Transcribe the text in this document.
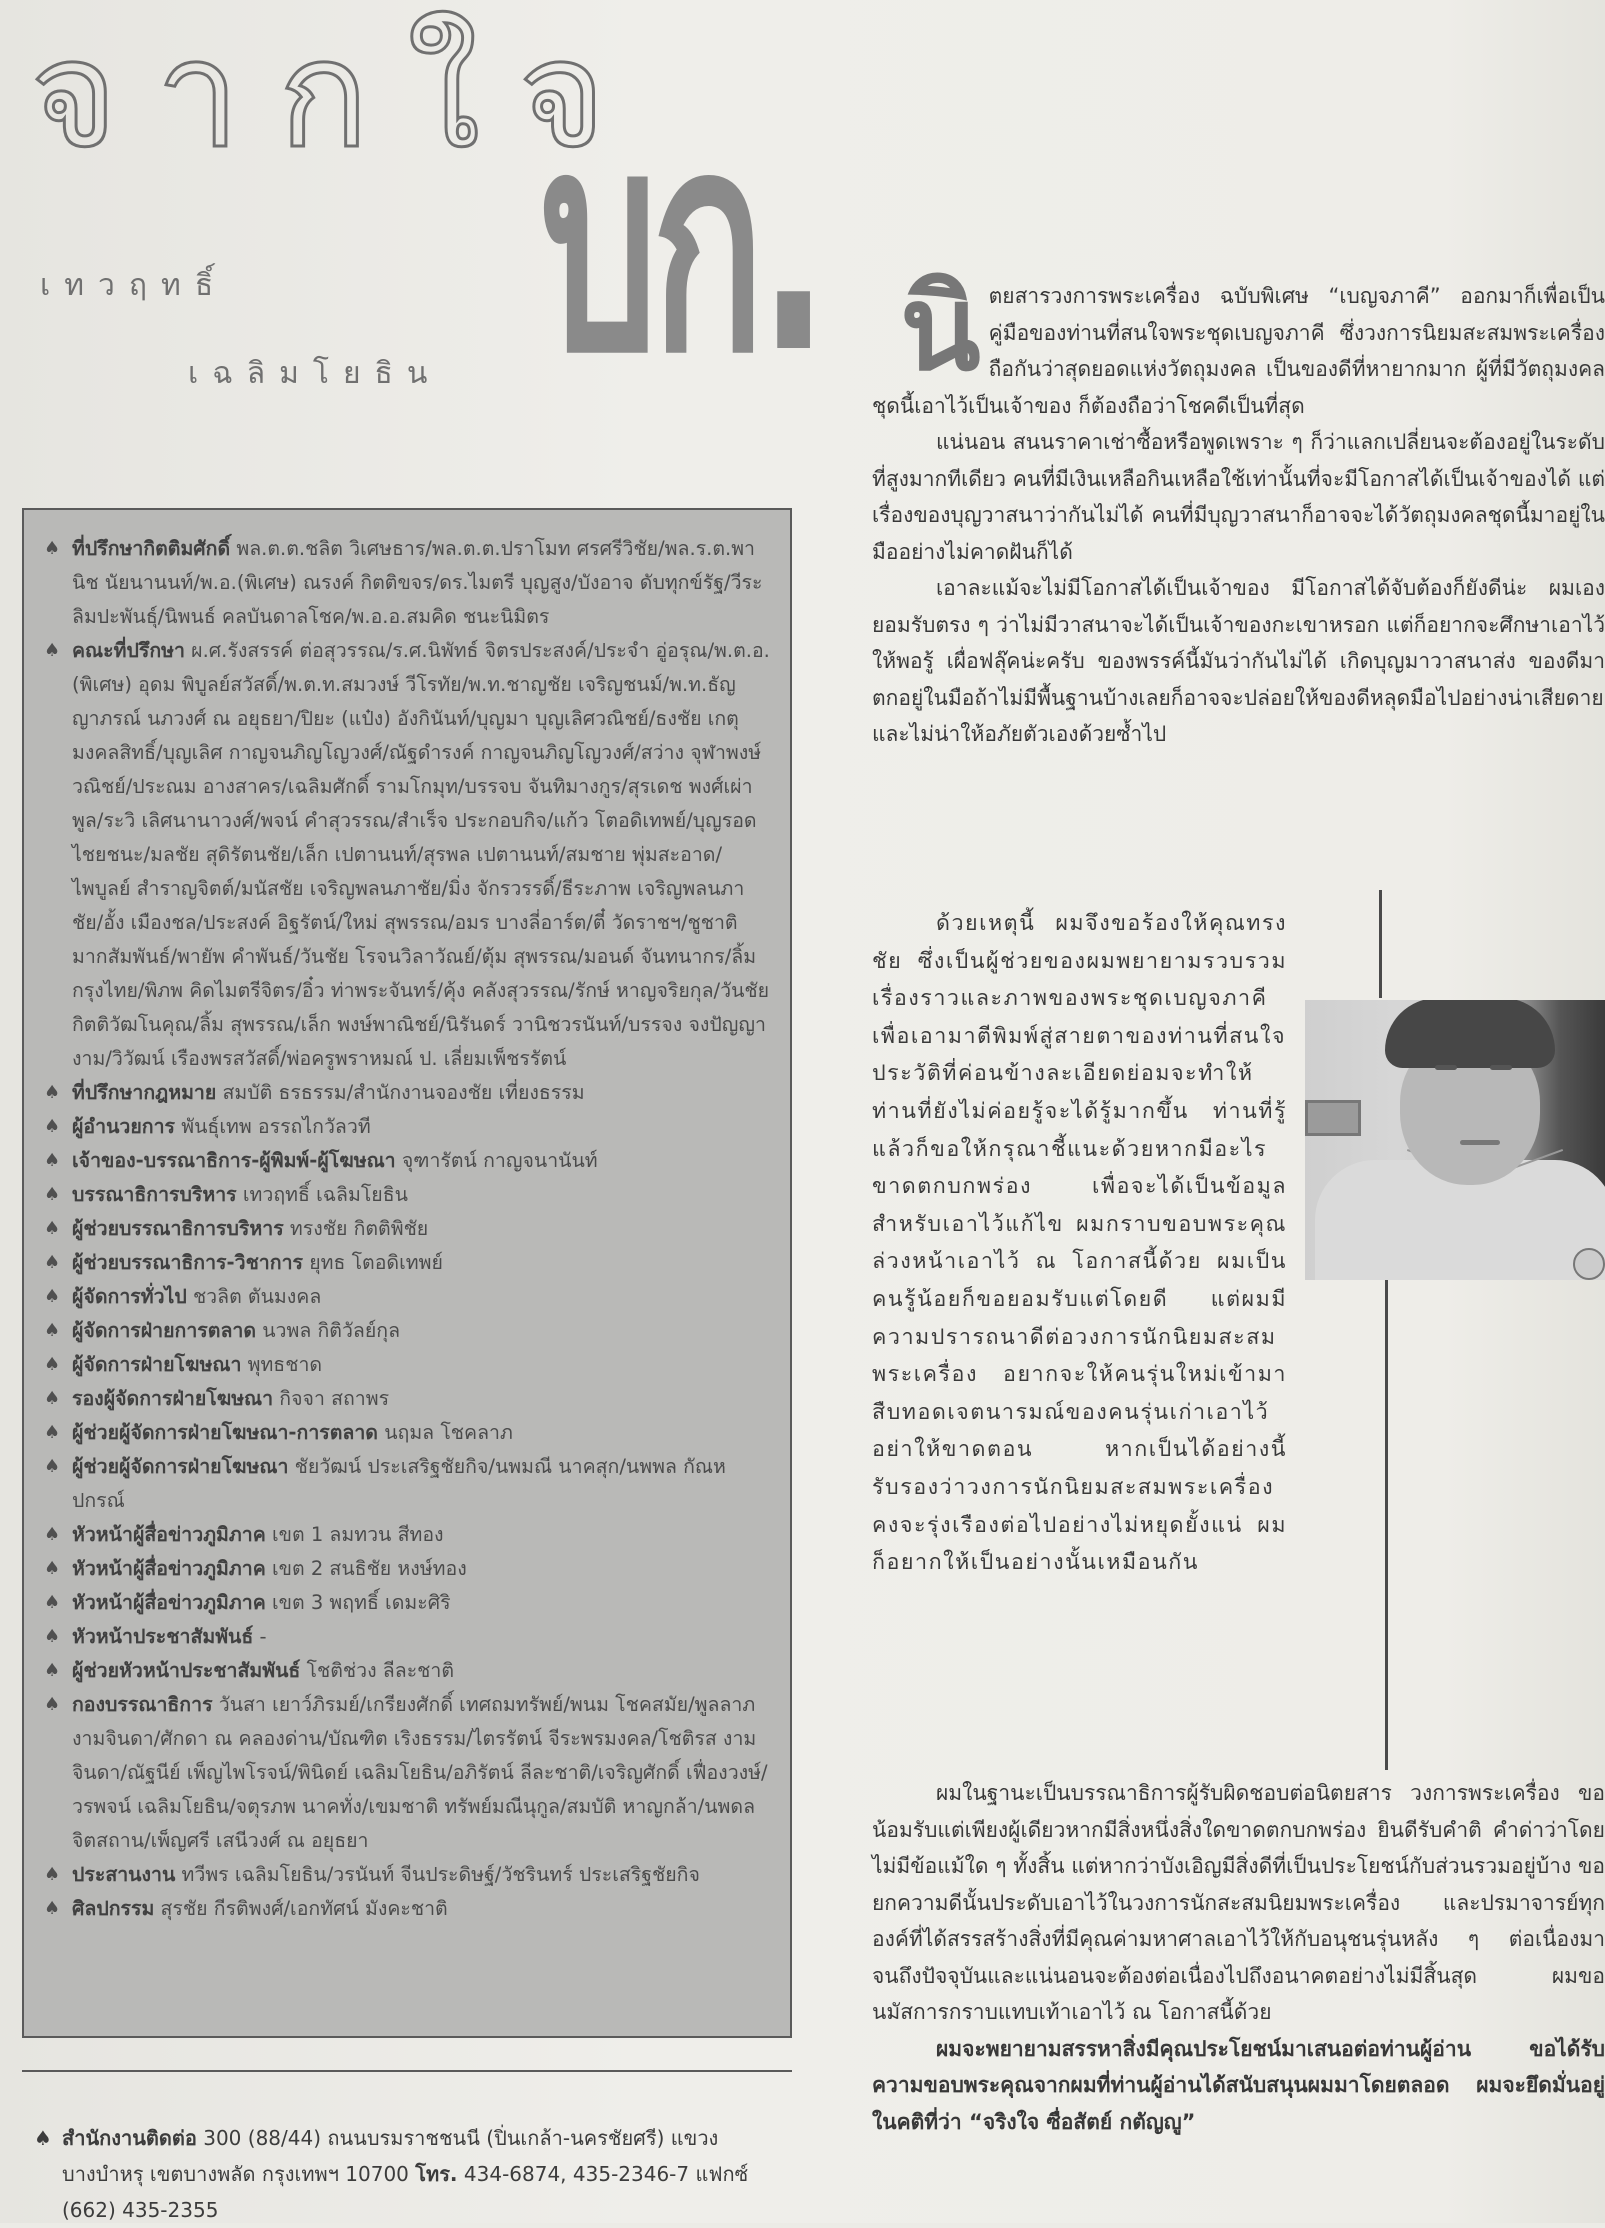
จากใจ
บก.
เทวฤทธิ์
เฉลิมโยธิน
♠ ที่ปรึกษากิตติมศักดิ์ พล.ต.ต.ชลิต วิเศษธาร/พล.ต.ต.ปราโมท ศรศรีวิชัย/พล.ร.ต.พานิช นัยนานนท์/พ.อ.(พิเศษ) ณรงค์ กิตติขจร/ดร.ไมตรี บุญสูง/บังอาจ ดับทุกข์รัฐ/วีระ ลิมปะพันธุ์/นิพนธ์ คลบันดาลโชค/พ.อ.อ.สมคิด ชนะนิมิตร
♠ คณะที่ปรึกษา ผ.ศ.รังสรรค์ ต่อสุวรรณ/ร.ศ.นิพัทธ์ จิตรประสงค์/ประจำ อู่อรุณ/พ.ต.อ.(พิเศษ) อุดม พิบูลย์สวัสดิ์/พ.ต.ท.สมวงษ์ วีโรทัย/พ.ท.ชาญชัย เจริญชนม์/พ.ท.ธัญญาภรณ์ นภวงศ์ ณ อยุธยา/ปิยะ (แป๋ง) อังกินันท์/บุญมา บุญเลิศวณิชย์/ธงชัย เกตุมงคลสิทธิ์/บุญเลิศ กาญจนภิญโญวงศ์/ณัฐดำรงค์ กาญจนภิญโญวงศ์/สว่าง จุฬาพงษ์วณิชย์/ประณม อางสาคร/เฉลิมศักดิ์ รามโกมุท/บรรจบ จันทิมางกูร/สุรเดช พงศ์เผ่าพูล/ระวิ เลิศนานาวงศ์/พจน์ คำสุวรรณ/สำเร็จ ประกอบกิจ/แก้ว โตอดิเทพย์/บุญรอด ไชยชนะ/มลชัย สุดิรัตนชัย/เล็ก เปตานนท์/สุรพล เปตานนท์/สมชาย พุ่มสะอาด/ไพบูลย์ สำราญจิตต์/มนัสชัย เจริญพลนภาชัย/มิ่ง จักรวรรดิ์/ธีระภาพ เจริญพลนภาชัย/อั้ง เมืองชล/ประสงค์ อิฐรัตน์/ใหม่ สุพรรณ/อมร บางลี่อาร์ต/ตี๋ วัดราชฯ/ชูชาติ มากสัมพันธ์/พายัพ คำพันธ์/วันชัย โรจนวิลาวัณย์/ตุ้ม สุพรรณ/มอนด์ จันทนากร/ลิ้ม กรุงไทย/พิภพ คิดไมตรีจิตร/อิ๋ว ท่าพระจันทร์/คุ้ง คลังสุวรรณ/รักษ์ หาญจริยกุล/วันชัย กิตติวัฒโนคุณ/ลิ้ม สุพรรณ/เล็ก พงษ์พาณิชย์/นิรันดร์ วานิชวรนันท์/บรรจง จงปัญญางาม/วิวัฒน์ เรืองพรสวัสดิ์/พ่อครูพราหมณ์ ป. เลี่ยมเพ็ชรรัตน์
♠ ที่ปรึกษากฎหมาย สมบัติ ธรธรรม/สำนักงานจองชัย เที่ยงธรรม
♠ ผู้อำนวยการ พันธุ์เทพ อรรถไกวัลวที
♠ เจ้าของ-บรรณาธิการ-ผู้พิมพ์-ผู้โฆษณา จุฑารัตน์ กาญจนานันท์
♠ บรรณาธิการบริหาร เทวฤทธิ์ เฉลิมโยธิน
♠ ผู้ช่วยบรรณาธิการบริหาร ทรงชัย กิตติพิชัย
♠ ผู้ช่วยบรรณาธิการ-วิชาการ ยุทธ โตอดิเทพย์
♠ ผู้จัดการทั่วไป ชวลิต ตันมงคล
♠ ผู้จัดการฝ่ายการตลาด นวพล กิติวัลย์กุล
♠ ผู้จัดการฝ่ายโฆษณา พุทธชาด
♠ รองผู้จัดการฝ่ายโฆษณา กิจจา สถาพร
♠ ผู้ช่วยผู้จัดการฝ่ายโฆษณา-การตลาด นฤมล โชคลาภ
♠ ผู้ช่วยผู้จัดการฝ่ายโฆษณา ชัยวัฒน์ ประเสริฐชัยกิจ/นพมณี นาคสุก/นพพล กัณหปกรณ์
♠ หัวหน้าผู้สื่อข่าวภูมิภาค เขต 1 ลมทวน สีทอง
♠ หัวหน้าผู้สื่อข่าวภูมิภาค เขต 2 สนธิชัย หงษ์ทอง
♠ หัวหน้าผู้สื่อข่าวภูมิภาค เขต 3 พฤทธิ์ เดมะศิริ
♠ หัวหน้าประชาสัมพันธ์ -
♠ ผู้ช่วยหัวหน้าประชาสัมพันธ์ โชติช่วง ลีละชาติ
♠ กองบรรณาธิการ วันสา เยาว์ภิรมย์/เกรียงศักดิ์ เทศถมทรัพย์/พนม โชคสมัย/พูลลาภ งามจินดา/ศักดา ณ คลองด่าน/บัณฑิต เริงธรรม/ไตรรัตน์ จีระพรมงคล/โชติรส งามจินดา/ณัฐนีย์ เพ็ญไพโรจน์/พินิดย์ เฉลิมโยธิน/อภิรัตน์ ลีละชาติ/เจริญศักดิ์ เฟื่องวงษ์/วรพจน์ เฉลิมโยธิน/จตุรภพ นาคทั่ง/เขมชาติ ทรัพย์มณีนุกูล/สมบัติ หาญกล้า/นพดล จิตสถาน/เพ็ญศรี เสนีวงศ์ ณ อยุธยา
♠ ประสานงาน ทวีพร เฉลิมโยธิน/วรนันท์ จีนประดิษฐ์/วัชรินทร์ ประเสริฐชัยกิจ
♠ ศิลปกรรม สุรชัย กีรติพงศ์/เอกทัศน์ มังคะชาติ
♠ สำนักงานติดต่อ 300 (88/44) ถนนบรมราชชนนี (ปิ่นเกล้า-นครชัยศรี) แขวงบางบำหรุ เขตบางพลัด กรุงเทพฯ 10700 โทร. 434-6874, 435-2346-7 แฟกซ์ (662) 435-2355

นิ ตยสารวงการพระเครื่อง ฉบับพิเศษ “เบญจภาคี” ออกมาก็เพื่อเป็นคู่มือของท่านที่สนใจพระชุดเบญจภาคี ซึ่งวงการนิยมสะสมพระเครื่องถือกันว่าสุดยอดแห่งวัตถุมงคล เป็นของดีที่หายากมาก ผู้ที่มีวัตถุมงคลชุดนี้เอาไว้เป็นเจ้าของ ก็ต้องถือว่าโชคดีเป็นที่สุด

แน่นอน สนนราคาเช่าซื้อหรือพูดเพราะ ๆ ก็ว่าแลกเปลี่ยนจะต้องอยู่ในระดับที่สูงมากทีเดียว คนที่มีเงินเหลือกินเหลือใช้เท่านั้นที่จะมีโอกาสได้เป็นเจ้าของได้ แต่เรื่องของบุญวาสนาว่ากันไม่ได้ คนที่มีบุญวาสนาก็อาจจะได้วัตถุมงคลชุดนี้มาอยู่ในมืออย่างไม่คาดฝันก็ได้

เอาละแม้จะไม่มีโอกาสได้เป็นเจ้าของ มีโอกาสได้จับต้องก็ยังดีน่ะ ผมเองยอมรับตรง ๆ ว่าไม่มีวาสนาจะได้เป็นเจ้าของกะเขาหรอก แต่ก็อยากจะศึกษาเอาไว้ให้พอรู้ เผื่อฟลุ๊คน่ะครับ ของพรรค์นี้มันว่ากันไม่ได้ เกิดบุญมาวาสนาส่ง ของดีมาตกอยู่ในมือถ้าไม่มีพื้นฐานบ้างเลยก็อาจจะปล่อยให้ของดีหลุดมือไปอย่างน่าเสียดายและไม่น่าให้อภัยตัวเองด้วยซ้ำไป

ด้วยเหตุนี้ ผมจึงขอร้องให้คุณทรงชัย ซึ่งเป็นผู้ช่วยของผมพยายามรวบรวมเรื่องราวและภาพของพระชุดเบญจภาคี เพื่อเอามาตีพิมพ์สู่สายตาของท่านที่สนใจ ประวัติที่ค่อนข้างละเอียดย่อมจะทำให้ท่านที่ยังไม่ค่อยรู้จะได้รู้มากขึ้น ท่านที่รู้แล้วก็ขอให้กรุณาชี้แนะด้วยหากมีอะไรขาดตกบกพร่อง เพื่อจะได้เป็นข้อมูลสำหรับเอาไว้แก้ไข ผมกราบขอบพระคุณล่วงหน้าเอาไว้ ณ โอกาสนี้ด้วย ผมเป็นคนรู้น้อยก็ขอยอมรับแต่โดยดี แต่ผมมีความปรารถนาดีต่อวงการนักนิยมสะสมพระเครื่อง อยากจะให้คนรุ่นใหม่เข้ามาสืบทอดเจตนารมณ์ของคนรุ่นเก่าเอาไว้อย่าให้ขาดตอน หากเป็นได้อย่างนี้รับรองว่าวงการนักนิยมสะสมพระเครื่องคงจะรุ่งเรืองต่อไปอย่างไม่หยุดยั้งแน่ ผมก็อยากให้เป็นอย่างนั้นเหมือนกัน

ผมในฐานะเป็นบรรณาธิการผู้รับผิดชอบต่อนิตยสาร วงการพระเครื่อง ขอน้อมรับแต่เพียงผู้เดียวหากมีสิ่งหนึ่งสิ่งใดขาดตกบกพร่อง ยินดีรับคำติ คำด่าว่าโดยไม่มีข้อแม้ใด ๆ ทั้งสิ้น แต่หากว่าบังเอิญมีสิ่งดีที่เป็นประโยชน์กับส่วนรวมอยู่บ้าง ขอยกความดีนั้นประดับเอาไว้ในวงการนักสะสมนิยมพระเครื่อง และปรมาจารย์ทุกองค์ที่ได้สรรสร้างสิ่งที่มีคุณค่ามหาศาลเอาไว้ให้กับอนุชนรุ่นหลัง ๆ ต่อเนื่องมาจนถึงปัจจุบันและแน่นอนจะต้องต่อเนื่องไปถึงอนาคตอย่างไม่มีสิ้นสุด ผมขอนมัสการกราบแทบเท้าเอาไว้ ณ โอกาสนี้ด้วย

ผมจะพยายามสรรหาสิ่งมีคุณประโยชน์มาเสนอต่อท่านผู้อ่าน ขอได้รับความขอบพระคุณจากผมที่ท่านผู้อ่านได้สนับสนุนผมมาโดยตลอด ผมจะยึดมั่นอยู่ในคติที่ว่า “จริงใจ ซื่อสัตย์ กตัญญู”
